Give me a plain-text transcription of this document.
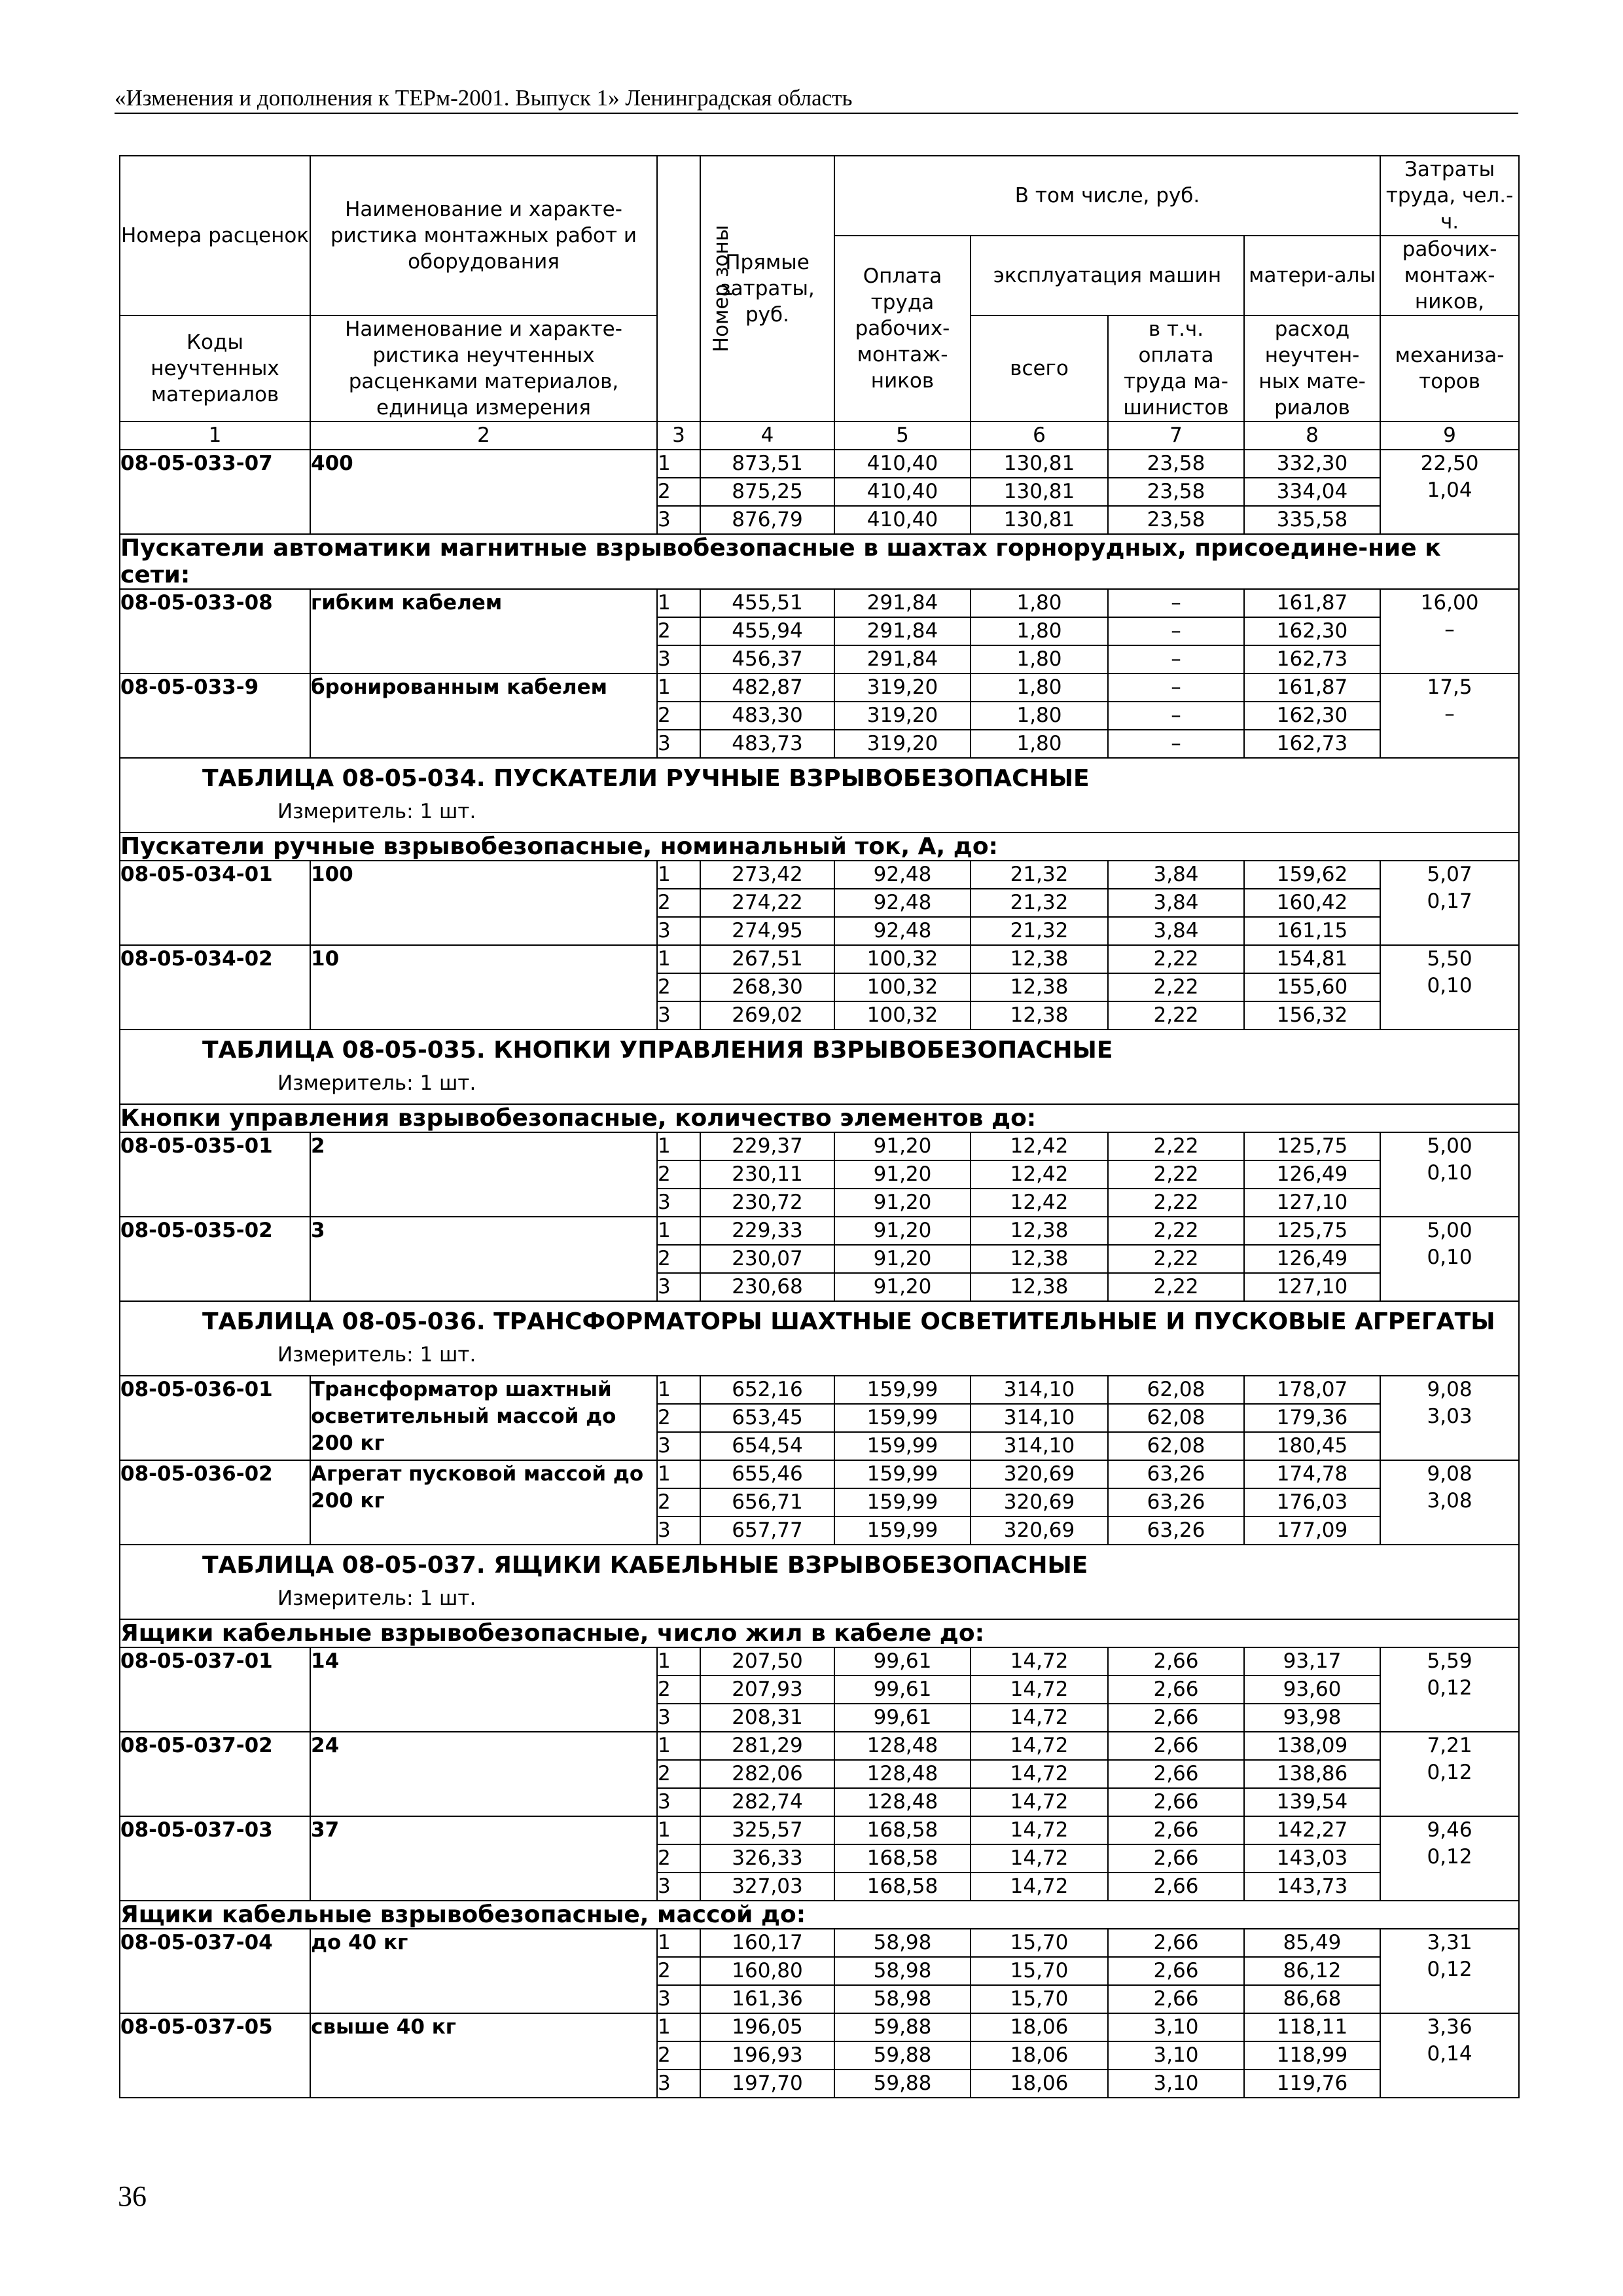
«Изменения и дополнения к ТЕРм-2001. Выпуск 1» Ленинградская область
Номера расценок	Наименование и характе-ристика монтажных работ и оборудования	Номер зоны	Прямые затраты, руб.	В том числе, руб.				Затраты труда, чел.-ч.
				Оплата труда рабочих-монтаж-ников	эксплуатация машин		матери-алы	рабочих-монтаж-ников,
Коды неучтенных материалов	Наименование и характе-ристика неучтенных расценками материалов, единица измерения				всего	в т.ч. оплата труда ма-шинистов	расход неучтен-ных мате-риалов	механиза-торов

1	2	3	4	5	6	7	8	9
08-05-033-07	400	1	873,51	410,40	130,81	23,58	332,30	22,50
1,04

		2	875,25	410,40	130,81	23,58	334,04	
		3	876,79	410,40	130,81	23,58	335,58	
Пускатели автоматики магнитные взрывобезопасные в шахтах горнорудных, присоедине-ние к сети:								
08-05-033-08	гибким кабелем	1	455,51	291,84	1,80	–	161,87	16,00
–

		2	455,94	291,84	1,80	–	162,30	
		3	456,37	291,84	1,80	–	162,73	
08-05-033-9	бронированным кабелем	1	482,87	319,20	1,80	–	161,87	17,5
–

		2	483,30	319,20	1,80	–	162,30	
		3	483,73	319,20	1,80	–	162,73	

ТАБЛИЦА 08-05-034. ПУСКАТЕЛИ РУЧНЫЕ ВЗРЫВОБЕЗОПАСНЫЕ
Измеритель: 1 шт.								

Пускатели ручные взрывобезопасные, номинальный ток, А, до:								
08-05-034-01	100	1	273,42	92,48	21,32	3,84	159,62	5,07
0,17

		2	274,22	92,48	21,32	3,84	160,42	
		3	274,95	92,48	21,32	3,84	161,15	
08-05-034-02	10	1	267,51	100,32	12,38	2,22	154,81	5,50
0,10

		2	268,30	100,32	12,38	2,22	155,60	
		3	269,02	100,32	12,38	2,22	156,32	

ТАБЛИЦА 08-05-035. КНОПКИ УПРАВЛЕНИЯ ВЗРЫВОБЕЗОПАСНЫЕ
Измеритель: 1 шт.								

Кнопки управления взрывобезопасные, количество элементов до:								
08-05-035-01	2	1	229,37	91,20	12,42	2,22	125,75	5,00
0,10

		2	230,11	91,20	12,42	2,22	126,49	
		3	230,72	91,20	12,42	2,22	127,10	
08-05-035-02	3	1	229,33	91,20	12,38	2,22	125,75	5,00
0,10

		2	230,07	91,20	12,38	2,22	126,49	
		3	230,68	91,20	12,38	2,22	127,10	

ТАБЛИЦА 08-05-036. ТРАНСФОРМАТОРЫ ШАХТНЫЕ ОСВЕТИТЕЛЬНЫЕ И ПУСКОВЫЕ АГРЕГАТЫ
Измеритель: 1 шт.								

08-05-036-01	Трансформатор шахтный осветительный массой до 200 кг	1	652,16	159,99	314,10	62,08	178,07	9,08
3,03

		2	653,45	159,99	314,10	62,08	179,36	
		3	654,54	159,99	314,10	62,08	180,45	
08-05-036-02	Агрегат пусковой массой до 200 кг	1	655,46	159,99	320,69	63,26	174,78	9,08
3,08

		2	656,71	159,99	320,69	63,26	176,03	
		3	657,77	159,99	320,69	63,26	177,09	

ТАБЛИЦА 08-05-037. ЯЩИКИ КАБЕЛЬНЫЕ ВЗРЫВОБЕЗОПАСНЫЕ
Измеритель: 1 шт.								

Ящики кабельные взрывобезопасные, число жил в кабеле до:								
08-05-037-01	14	1	207,50	99,61	14,72	2,66	93,17	5,59
0,12

		2	207,93	99,61	14,72	2,66	93,60	
		3	208,31	99,61	14,72	2,66	93,98	
08-05-037-02	24	1	281,29	128,48	14,72	2,66	138,09	7,21
0,12

		2	282,06	128,48	14,72	2,66	138,86	
		3	282,74	128,48	14,72	2,66	139,54	
08-05-037-03	37	1	325,57	168,58	14,72	2,66	142,27	9,46
0,12

		2	326,33	168,58	14,72	2,66	143,03	
		3	327,03	168,58	14,72	2,66	143,73	
Ящики кабельные взрывобезопасные, массой до:								
08-05-037-04	до 40 кг	1	160,17	58,98	15,70	2,66	85,49	3,31
0,12

		2	160,80	58,98	15,70	2,66	86,12	
		3	161,36	58,98	15,70	2,66	86,68	
08-05-037-05	свыше 40 кг	1	196,05	59,88	18,06	3,10	118,11	3,36
0,14

		2	196,93	59,88	18,06	3,10	118,99	
		3	197,70	59,88	18,06	3,10	119,76	
36
